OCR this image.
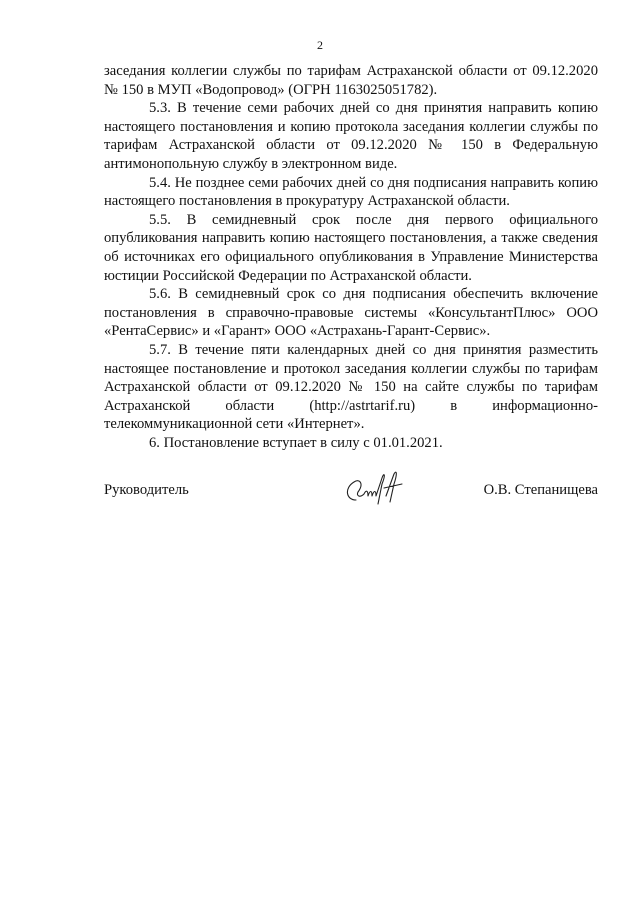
2

заседания коллегии службы по тарифам Астраханской области от 09.12.2020 № 150 в МУП «Водопровод» (ОГРН 1163025051782).

5.3. В течение семи рабочих дней со дня принятия направить копию настоящего постановления и копию протокола заседания коллегии службы по тарифам Астраханской области от 09.12.2020 № 150 в Федеральную антимонопольную службу в электронном виде.

5.4. Не позднее семи рабочих дней со дня подписания направить копию настоящего постановления в прокуратуру Астраханской области.

5.5. В семидневный срок после дня первого официального опубликования направить копию настоящего постановления, а также сведения об источниках его официального опубликования в Управление Министерства юстиции Российской Федерации по Астраханской области.

5.6. В семидневный срок со дня подписания обеспечить включение постановления в справочно-правовые системы «КонсультантПлюс» ООО «РентаСервис» и «Гарант» ООО «Астрахань-Гарант-Сервис».

5.7. В течение пяти календарных дней со дня принятия разместить настоящее постановление и протокол заседания коллегии службы по тарифам Астраханской области от 09.12.2020 № 150 на сайте службы по тарифам Астраханской области (http://astrtarif.ru) в информационно-телекоммуникационной сети «Интернет».

6. Постановление вступает в силу с 01.01.2021.

Руководитель	О.В. Степанищева
